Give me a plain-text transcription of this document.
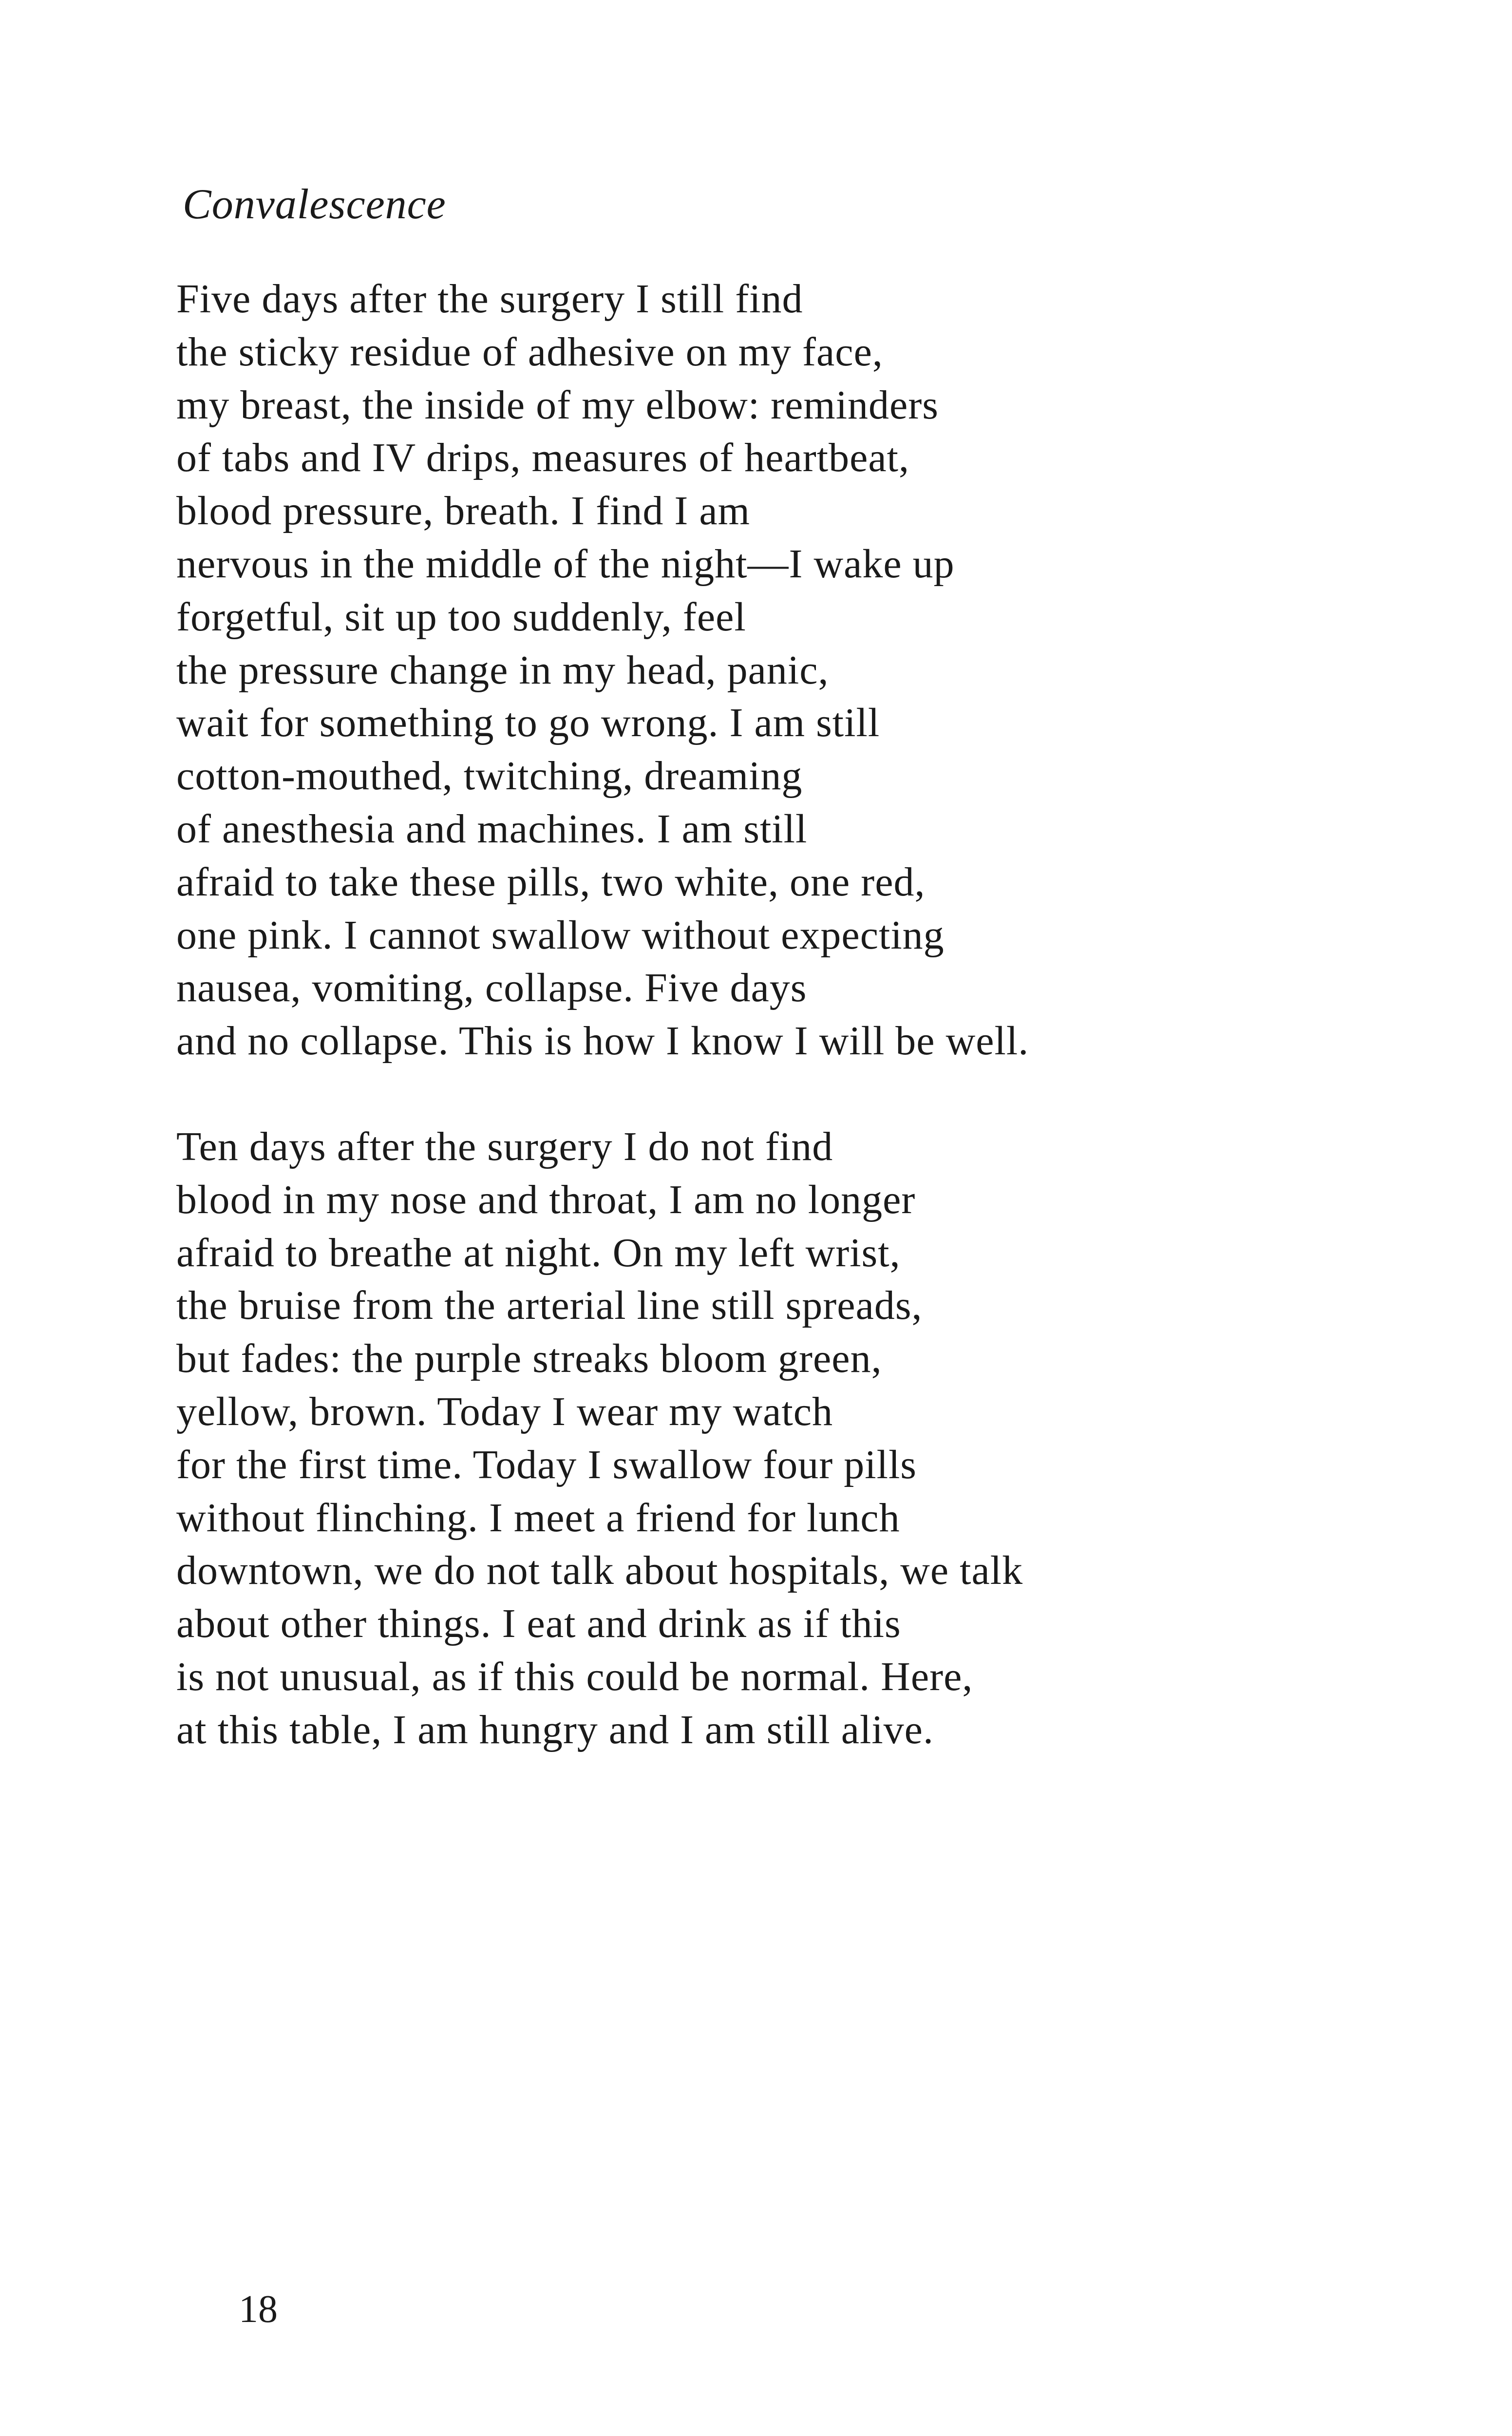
Convalescence
Five days after the surgery I still find
the sticky residue of adhesive on my face,
my breast, the inside of my elbow: reminders
of tabs and IV drips, measures of heartbeat,
blood pressure, breath. I find I am
nervous in the middle of the night—I wake up
forgetful, sit up too suddenly, feel
the pressure change in my head, panic,
wait for something to go wrong. I am still
cotton-mouthed, twitching, dreaming
of anesthesia and machines. I am still
afraid to take these pills, two white, one red,
one pink. I cannot swallow without expecting
nausea, vomiting, collapse. Five days
and no collapse. This is how I know I will be well.
Ten days after the surgery I do not find
blood in my nose and throat, I am no longer
afraid to breathe at night. On my left wrist,
the bruise from the arterial line still spreads,
but fades: the purple streaks bloom green,
yellow, brown. Today I wear my watch
for the first time. Today I swallow four pills
without flinching. I meet a friend for lunch
downtown, we do not talk about hospitals, we talk
about other things. I eat and drink as if this
is not unusual, as if this could be normal. Here,
at this table, I am hungry and I am still alive.
18
